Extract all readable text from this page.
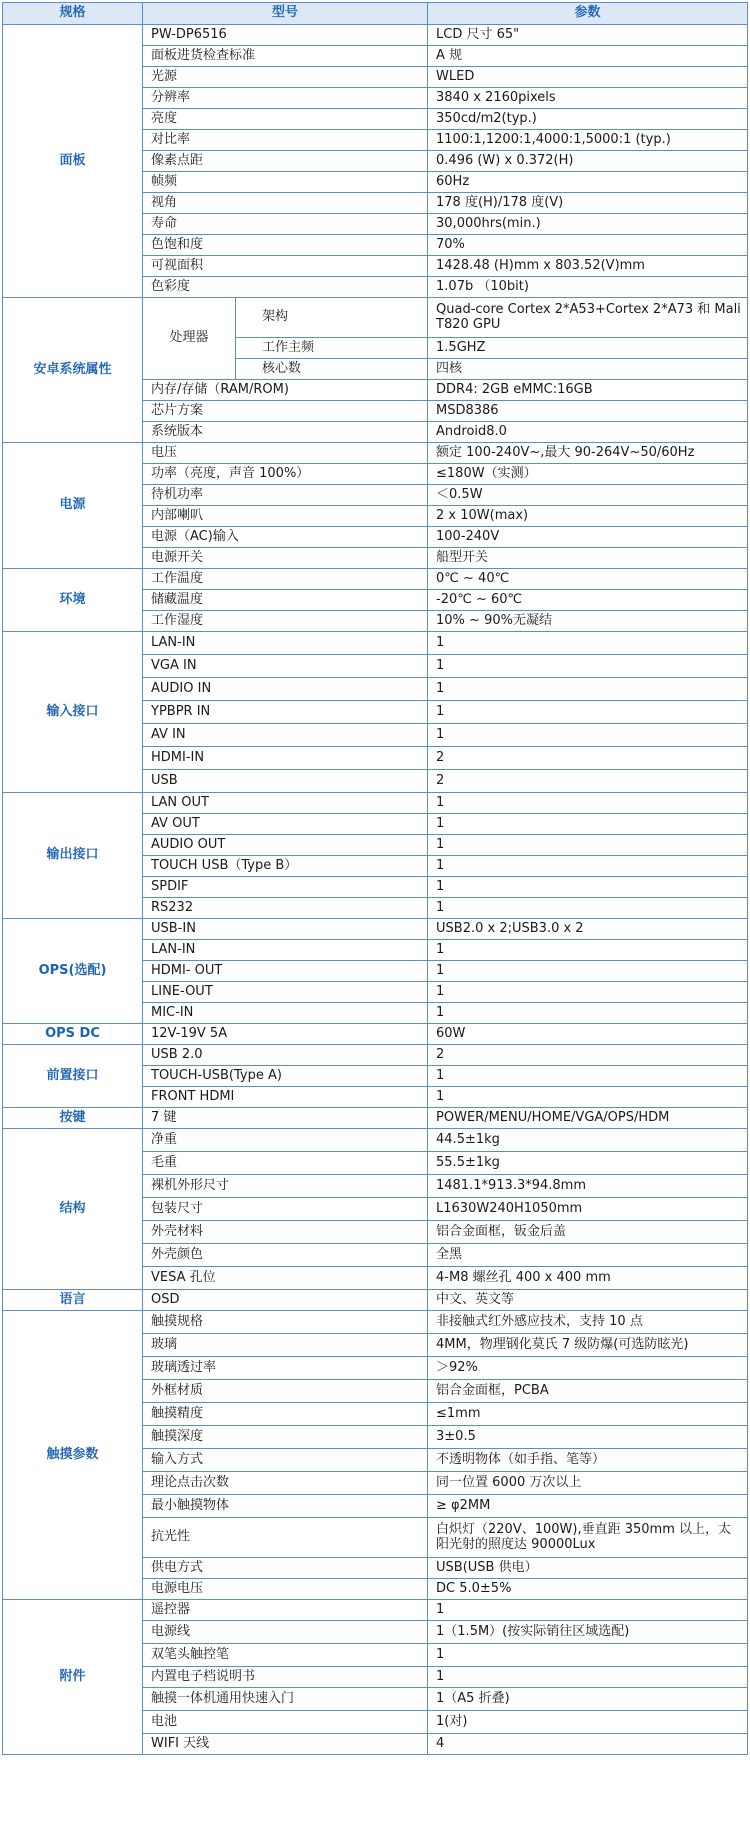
规格	型号		参数
面板	PW-DP6516		LCD 尺寸 65"
	面板进货检查标准		A 规
	光源		WLED
	分辨率		3840 x 2160pixels
	亮度		350cd/m2(typ.)
	对比率		1100:1,1200:1,4000:1,5000:1 (typ.)
	像素点距		0.496 (W) x 0.372(H)
	帧频		60Hz
	视角		178 度(H)/178 度(V)
	寿命		30,000hrs(min.)
	色饱和度		70%
	可视面积		1428.48 (H)mm x 803.52(V)mm
	色彩度		1.07b （10bit)
安卓系统属性	处理器	架构	Quad-core Cortex 2*A53+Cortex 2*A73 和 Mali T820 GPU
		工作主频	1.5GHZ
		核心数	四核
	内存/存储（RAM/ROM)		DDR4: 2GB eMMC:16GB
	芯片方案		MSD8386
	系统版本		Android8.0
电源	电压		额定 100-240V~,最大 90-264V~50/60Hz
	功率（亮度，声音 100%）		≤180W（实测）
	待机功率		＜0.5W
	内部喇叭		2 x 10W(max)
	电源（AC)输入		100-240V
	电源开关		船型开关
环境	工作温度		0℃ ~ 40℃
	储藏温度		-20℃ ~ 60℃
	工作湿度		10% ~ 90%无凝结
输入接口	LAN-IN		1
	VGA IN		1
	AUDIO IN		1
	YPBPR IN		1
	AV IN		1
	HDMI-IN		2
	USB		2
输出接口	LAN OUT		1
	AV OUT		1
	AUDIO OUT		1
	TOUCH USB（Type B）		1
	SPDIF		1
	RS232		1
OPS(选配)	USB-IN		USB2.0 x 2;USB3.0 x 2
	LAN-IN		1
	HDMI- OUT		1
	LINE-OUT		1
	MIC-IN		1
OPS DC	12V-19V 5A		60W
前置接口	USB 2.0		2
	TOUCH-USB(Type A)		1
	FRONT HDMI		1
按键	7 键		POWER/MENU/HOME/VGA/OPS/HDM
结构	净重		44.5±1kg
	毛重		55.5±1kg
	裸机外形尺寸		1481.1*913.3*94.8mm
	包装尺寸		L1630W240H1050mm
	外壳材料		铝合金面框，钣金后盖
	外壳颜色		全黑
	VESA 孔位		4-M8 螺丝孔 400 x 400 mm
语言	OSD		中文、英文等
触摸参数	触摸规格		非接触式红外感应技术，支持 10 点
	玻璃		4MM，物理钢化莫氏 7 级防爆(可选防眩光)
	玻璃透过率		＞92%
	外框材质		铝合金面框，PCBA
	触摸精度		≤1mm
	触摸深度		3±0.5
	输入方式		不透明物体（如手指、笔等）
	理论点击次数		同一位置 6000 万次以上
	最小触摸物体		≥ φ2MM
	抗光性		白炽灯（220V、100W),垂直距 350mm 以上，太阳光射的照度达 90000Lux
	供电方式		USB(USB 供电）
	电源电压		DC 5.0±5%
附件	遥控器		1
	电源线		1（1.5M）(按实际销往区域选配)
	双笔头触控笔		1
	内置电子档说明书		1
	触摸一体机通用快速入门		1（A5 折叠)
	电池		1(对)
	WIFI 天线		4
